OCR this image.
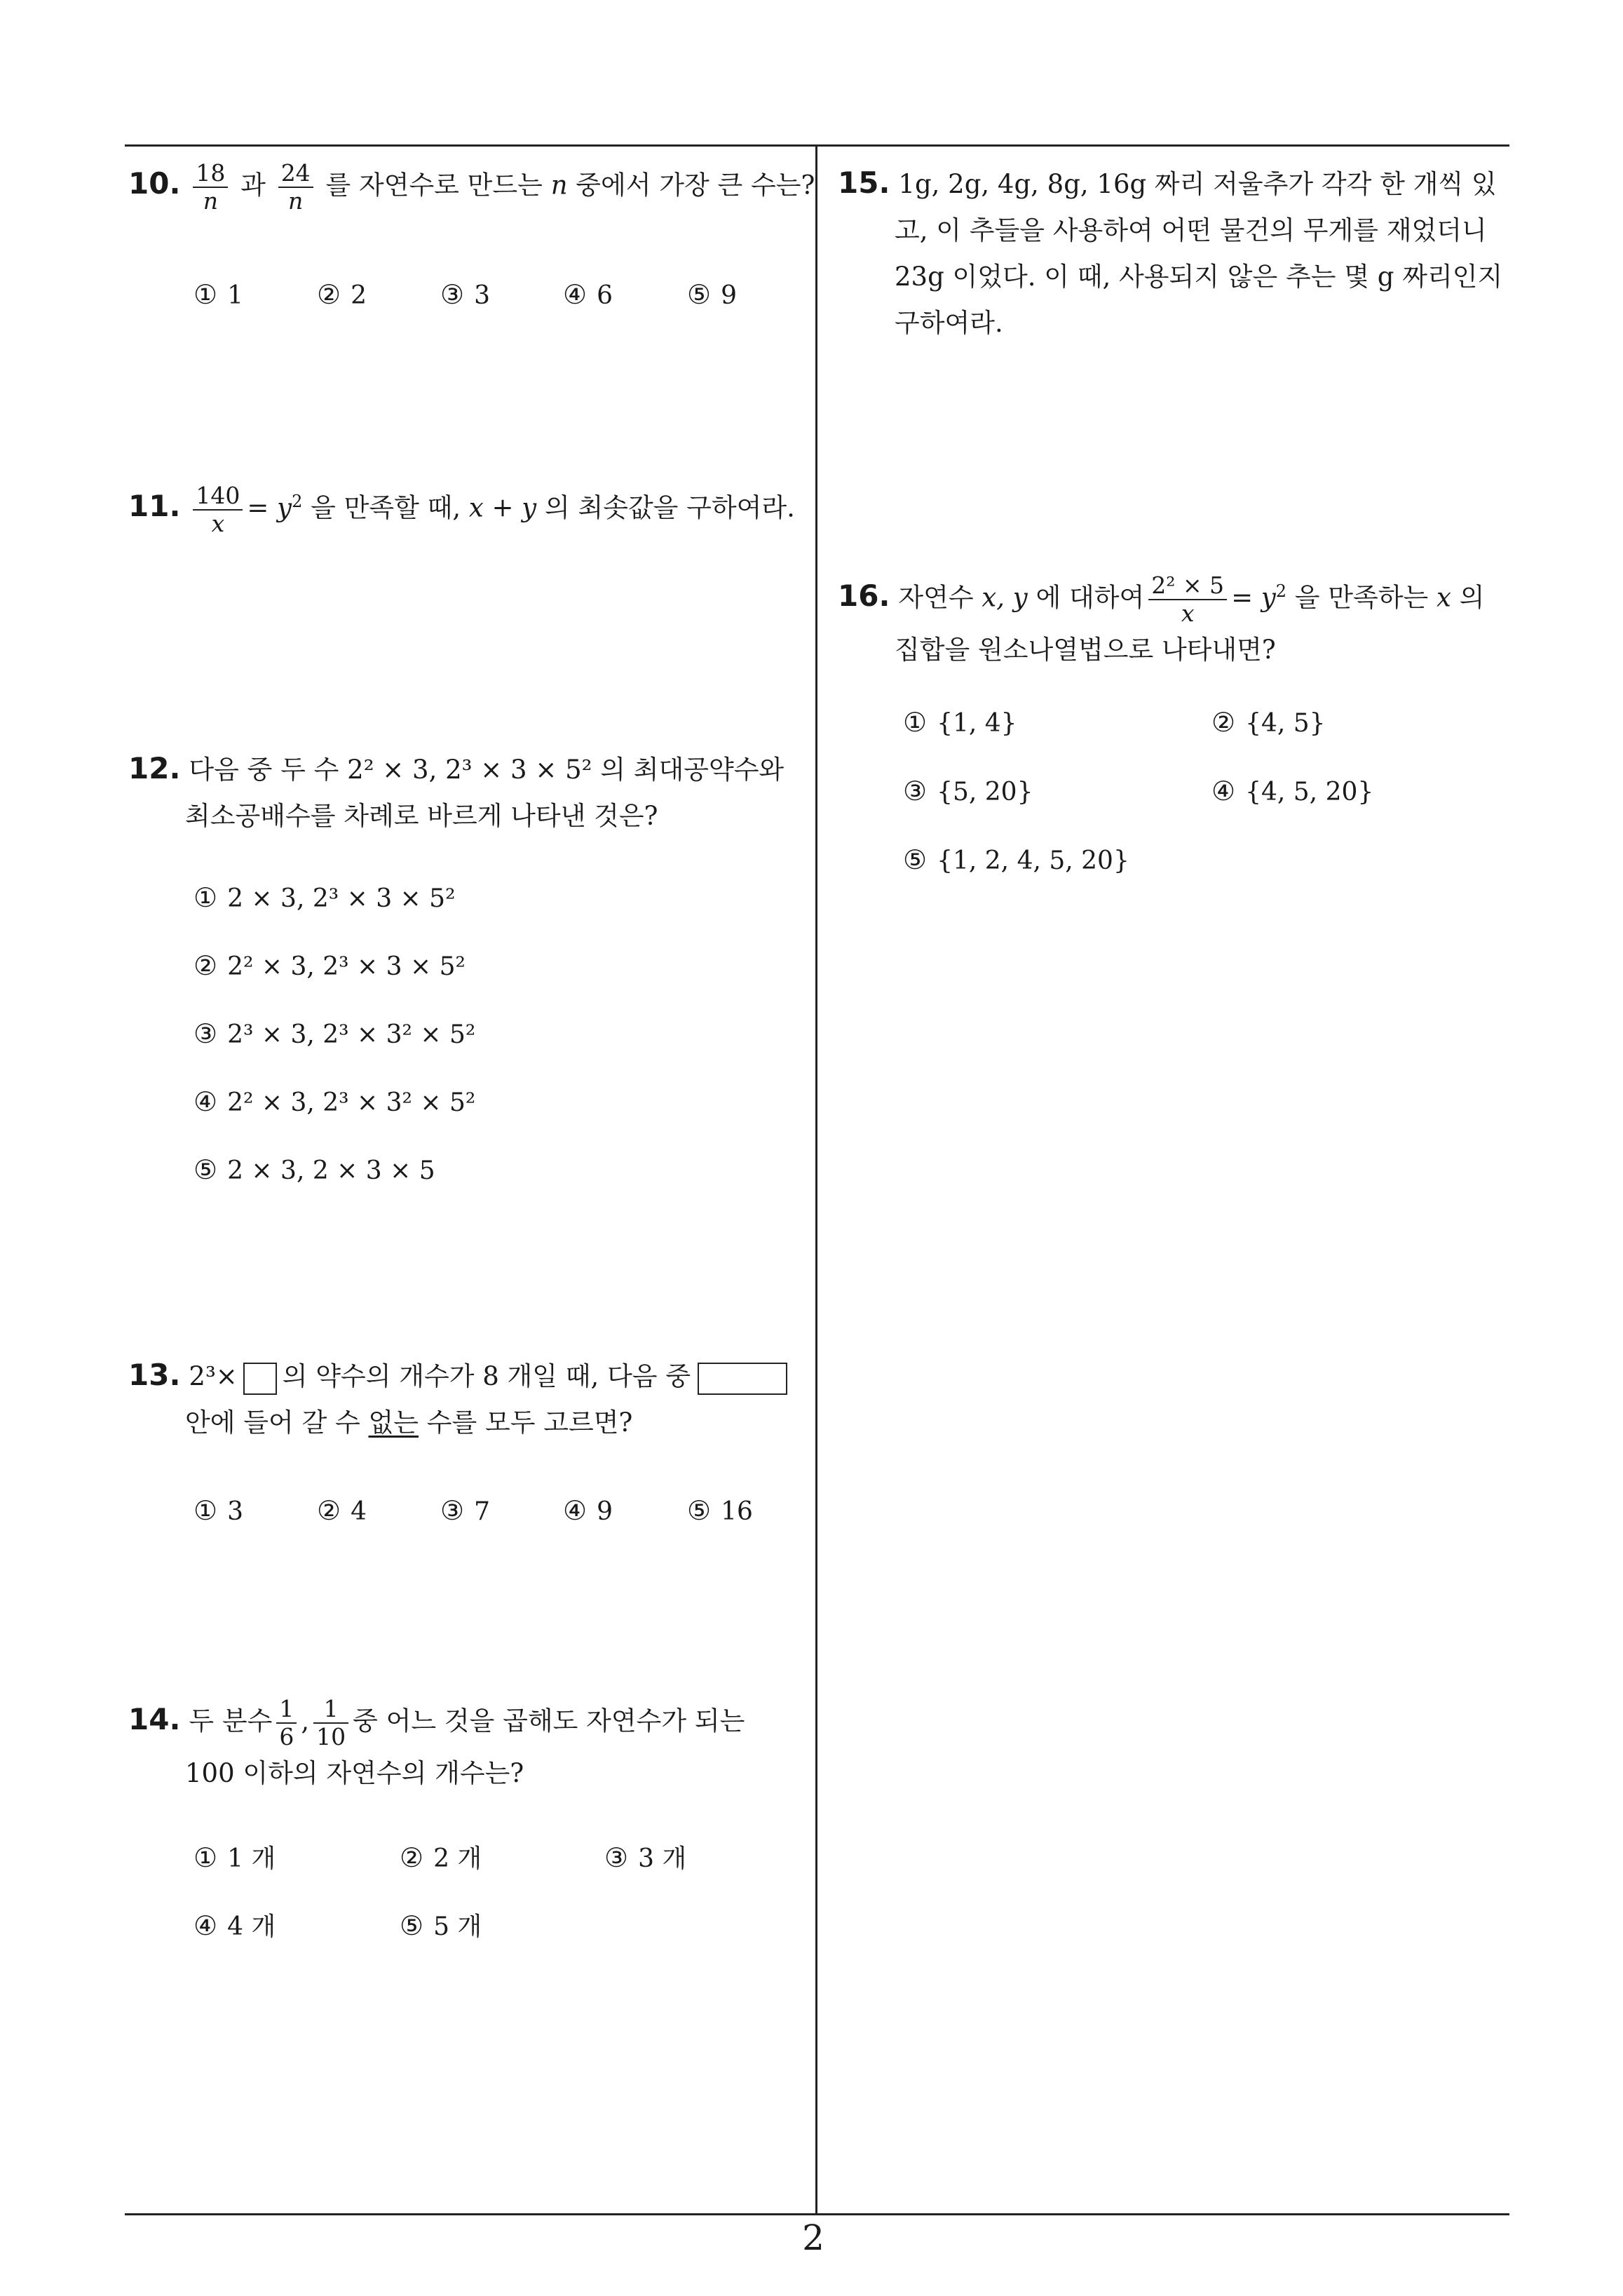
2
10. $\frac{18}{n}$ 과 $\frac{24}{n}$ 를 자연수로 만드는 n 중에서 가장 큰 수는?
① 1	② 2	③ 3	④ 6	⑤ 9
11. $\frac{140}{x} = y^2$ 을 만족할 때, x + y 의 최솟값을 구하여라.
12. 다음 중 두 수 2² × 3, 2³ × 3 × 5² 의 최대공약수와
최소공배수를 차례로 바르게 나타낸 것은?
① 2 × 3, 2³ × 3 × 5²
② 2² × 3, 2³ × 3 × 5²
③ 2³ × 3, 2³ × 3² × 5²
④ 2² × 3, 2³ × 3² × 5²
⑤ 2 × 3, 2 × 3 × 5
13. 2³× 의 약수의 개수가 8 개일 때, 다음 중
안에 들어 갈 수 없는 수를 모두 고르면?
① 3	② 4	③ 7	④ 9	⑤ 16
14. 두 분수 $\frac{1}{6}$ , $\frac{1}{10}$ 중 어느 것을 곱해도 자연수가 되는
100 이하의 자연수의 개수는?
① 1 개	② 2 개	③ 3 개
④ 4 개	⑤ 5 개
15. 1g, 2g, 4g, 8g, 16g 짜리 저울추가 각각 한 개씩 있
고, 이 추들을 사용하여 어떤 물건의 무게를 재었더니
23g 이었다. 이 때, 사용되지 않은 추는 몇 g 짜리인지
구하여라.
16. 자연수 x, y 에 대하여 $\frac{\text{2² × 5}}{x} = y^2$ 을 만족하는 x 의
집합을 원소나열법으로 나타내면?
① {1, 4}	② {4, 5}
③ {5, 20}	④ {4, 5, 20}
⑤ {1, 2, 4, 5, 20}
